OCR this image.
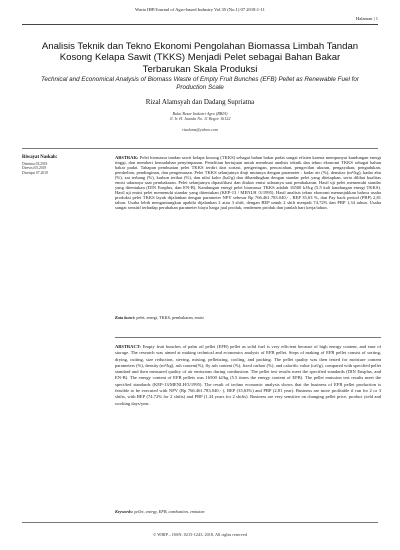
Warta IHP/Journal of Agro-based Industry Vol.35 (No.1) 07 2018:1-11
Halaman | 1
Analisis Teknik dan Tekno Ekonomi Pengolahan Biomassa Limbah Tandan Kosong Kelapa Sawit (TKKS) Menjadi Pelet sebagai Bahan Bakar Terbarukan Skala Produksi
Technical and Economical Analysis of Biomass Waste of Empty Fruit Bunches (EFB) Pellet as Renewable Fuel for Production Scale
Rizal Alamsyah dan Dadang Supriatna
Balai Besar Industri Agro (BBIA)
Jl. Ir. H. Juanda No. 11 Bogor 16122
rizalams@yahoo.com
Riwayat Naskah:
Diterima 03,2018
Direvisi 05,2018
Disetujui 07,2018
ABSTRAK: Pelet biomassa tandan sawit kelapa kosong (TKKS) sebagai bahan bakar padat sangat efisien karena mempunyai kandungan energi tinggi, dan memberi kemudahan penyimpanan. Penelitian bertujuan untuk membuat analisis teknik dan tekno ekonomi TKKS sebagai bahan bakar padat. Tahapan pembuatan pelet TKKS terdiri dari sortasi, pengeringan, pencacahan, pengecilan ukuran, pengayakan, pengadukan, pembelian, pendinginan, dan pengemasan. Pelet TKKS selanjutnya diuji mutunya dengan parameter : kadar air (%), densitas (m³/kg), kadar abu (%), zat terbang (%), karbon terikat (%), dan nilai kalor (kal/g) dan dibandingkan dengan standar pelet yang ditetapkan, serta dilihat kualitas emisi udaranya saat pembakaran. Pelet selanjutnya dipasifikasi dan diukur emisi udaranya saat pembakaran. Hasil uji pelet memenuhi standar yang ditentukan (DIN Ensplus, dan EN-B). Kandungan energi pelet biomassa TKKS adalah 16500 kJ/kg (5,5 kali kandungan energi TKKS). Hasil uji emisi pelet memenuhi standar yang ditentukan (KEP-13 / MENLH /3/1995). Hasil analisis tekno ekonomi menunjukkan bahwa usaha produksi pelet TKKS layak dijalankan dengan parameter NPV sebesar Rp 766.461.783.040,- , BEP 35,63 %, dan Pay back period (PBP) 2,81 tahun. Usaha lebih menguntungkan apabila dijalankan 2 atau 3 shift, dengan BEP untuk 2 shift menjadi 74,72% dan PBP 1,34 tahun. Usaha sangat sensitif terhadap perubahan parameter biaya harga jual produk, rendemen produk dan jumlah hari kerja/tahun.
Kata kunci: pelet, energi, TKKS, pembakaran, emisi
ABSTRACT: Empty fruit bunches of palm oil pellet (EFB) pellet as solid fuel is very efficient because of high energy content, and ease of storage. The research was aimed at making technical and economics analysis of EFB pellet. Steps of making of EFB pellet consist of sorting, drying, cutting, size reduction, sieving, mixing, pelletizing, cooling, and packing. The pellet quality was then tested for moisture content parameters (%), density (m³/kg), ash content(%), fly ash content (%), fixed carbon (%), and calorific value (cal/g), compared with specified pellet standard and then measured quality of air emissions during combustion. The pellet test results meet the specified standards (DIN Ensplus, and EN-B). The energy content of EFB pellets was 16500 kJ/kg (5.5 times the energy content of EFB). The pellet emission test results meet the specified standards (KEP-13/MENLH/3/1995). The result of techno economic analysis shows that the business of EFB pellet production is feasible to be executed with NPV (Rp 766.461.783.040,- ), BEP (35,63%) and PBP (2,81 year). Business are more profitable if run for 2 or 3 shifts, with BEP (74.72% for 2 shifts) and PBP (1,34 years for 2 shifts). Business are very sensitive on changing pellet price, product yield and working days/year.
Keywords: pellet, energy, EFB, combustion, emission
© WBIP – ISSN: 0215-1243, 2018, All rights reserved
